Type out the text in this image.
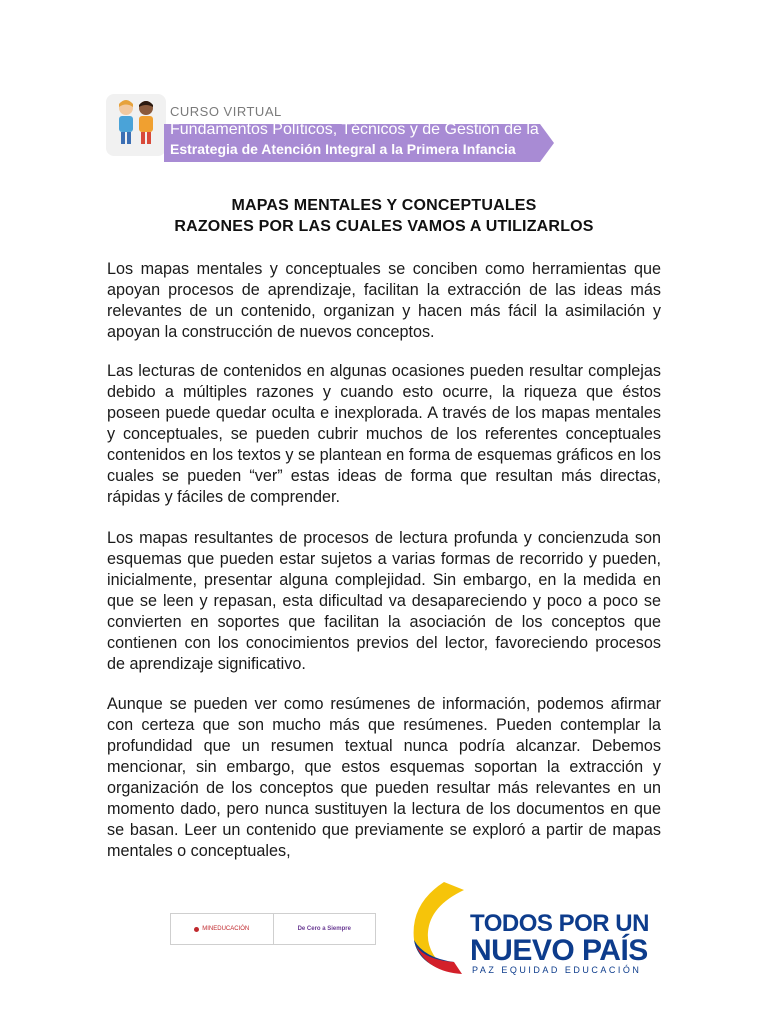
CURSO VIRTUAL
Fundamentos Políticos, Técnicos y de Gestión de la
Estrategia de Atención Integral a la Primera Infancia
MAPAS MENTALES Y CONCEPTUALES
RAZONES POR LAS CUALES VAMOS A UTILIZARLOS

Los mapas mentales y conceptuales se conciben como herramientas que apoyan procesos de aprendizaje, facilitan la extracción de las ideas más relevantes de un contenido, organizan y hacen más fácil la asimilación y apoyan la construcción de nuevos conceptos.

Las lecturas de contenidos en algunas ocasiones pueden resultar complejas debido a múltiples razones y cuando esto ocurre, la riqueza que éstos poseen puede quedar oculta e inexplorada. A través de los mapas mentales y conceptuales, se pueden cubrir muchos de los referentes conceptuales contenidos en los textos y se plantean en forma de esquemas gráficos en los cuales se pueden “ver” estas ideas de forma que resultan más directas, rápidas y fáciles de comprender.

Los mapas resultantes de procesos de lectura profunda y concienzuda son esquemas que pueden estar sujetos a varias formas de recorrido y pueden, inicialmente, presentar alguna complejidad. Sin embargo, en la medida en que se leen y repasan, esta dificultad va desapareciendo y poco a poco se convierten en soportes que facilitan la asociación de los conceptos que contienen con los conocimientos previos del lector, favoreciendo procesos de aprendizaje significativo.

Aunque se pueden ver como resúmenes de información, podemos afirmar con certeza que son mucho más que resúmenes. Pueden contemplar la profundidad que un resumen textual nunca podría alcanzar. Debemos mencionar, sin embargo, que estos esquemas soportan la extracción y organización de los conceptos que pueden resultar más relevantes en un momento dado, pero nunca sustituyen la lectura de los documentos en que se basan. Leer un contenido que previamente se exploró a partir de mapas mentales o conceptuales,

MINEDUCACIÓN	De Cero a Siempre	TODOS POR UN
NUEVO PAÍS
PAZ EQUIDAD EDUCACIÓN
